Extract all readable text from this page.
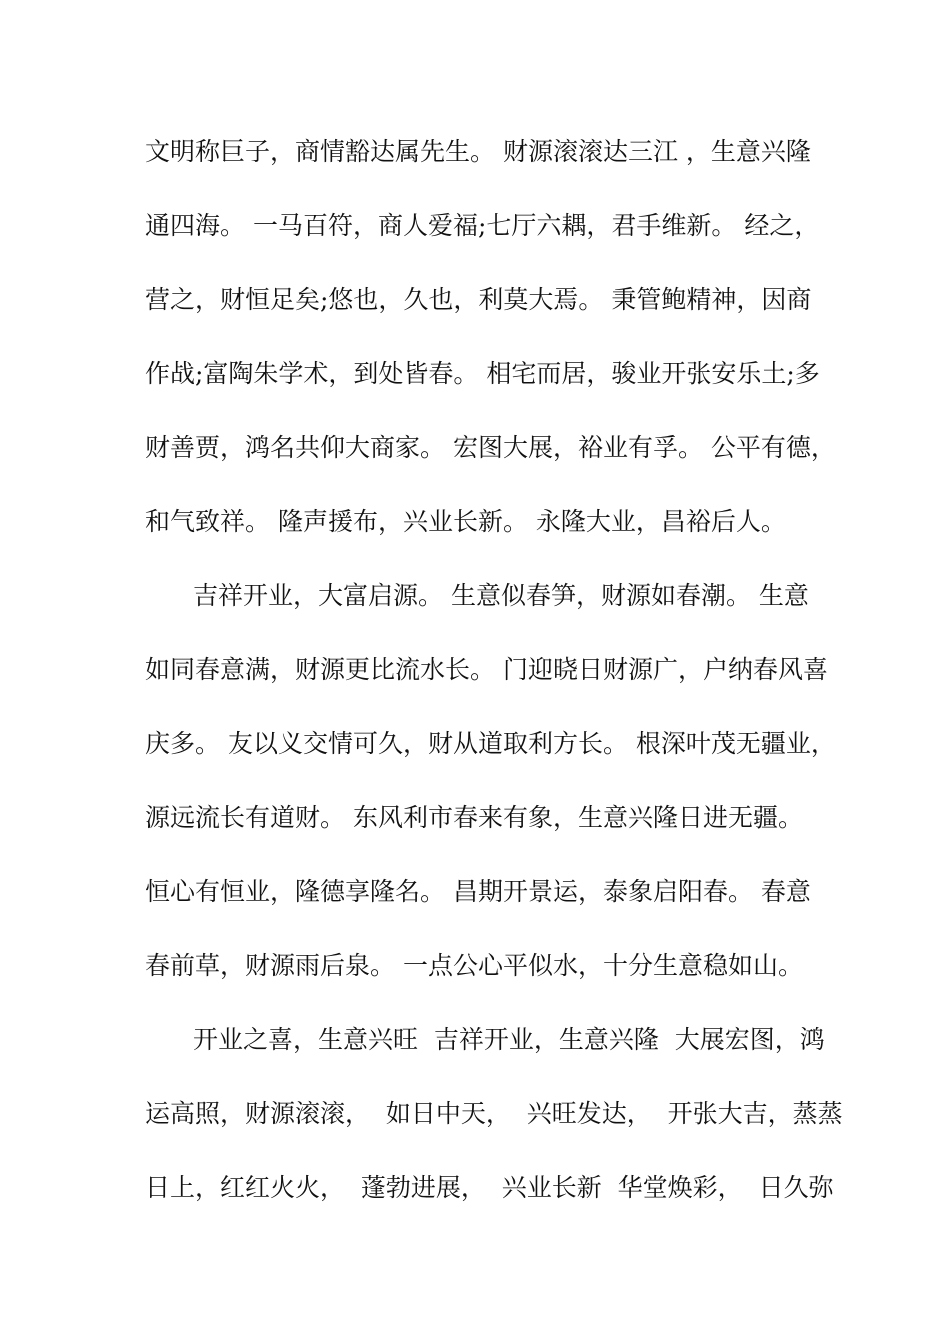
文明称巨子，商情豁达属先生。 财源滚滚达三江 ，生意兴隆
通四海。 一马百符，商人爱福;七厅六耦，君手维新。 经之，
营之，财恒足矣;悠也，久也，利莫大焉。 秉管鲍精神，因商
作战;富陶朱学术，到处皆春。 相宅而居，骏业开张安乐土;多
财善贾，鸿名共仰大商家。 宏图大展，裕业有孚。 公平有德，
和气致祥。 隆声援布，兴业长新。 永隆大业，昌裕后人。
吉祥开业，大富启源。 生意似春笋，财源如春潮。 生意
如同春意满，财源更比流水长。 门迎晓日财源广，户纳春风喜
庆多。 友以义交情可久，财从道取利方长。 根深叶茂无疆业，
源远流长有道财。 东风利市春来有象，生意兴隆日进无疆。
恒心有恒业，隆德享隆名。 昌期开景运，泰象启阳春。 春意
春前草，财源雨后泉。 一点公心平似水，十分生意稳如山。
开业之喜，生意兴旺  吉祥开业，生意兴隆  大展宏图，鸿
运高照，财源滚滚，  如日中天，  兴旺发达，  开张大吉，蒸蒸
日上，红红火火，  蓬勃进展，  兴业长新  华堂焕彩，  日久弥
